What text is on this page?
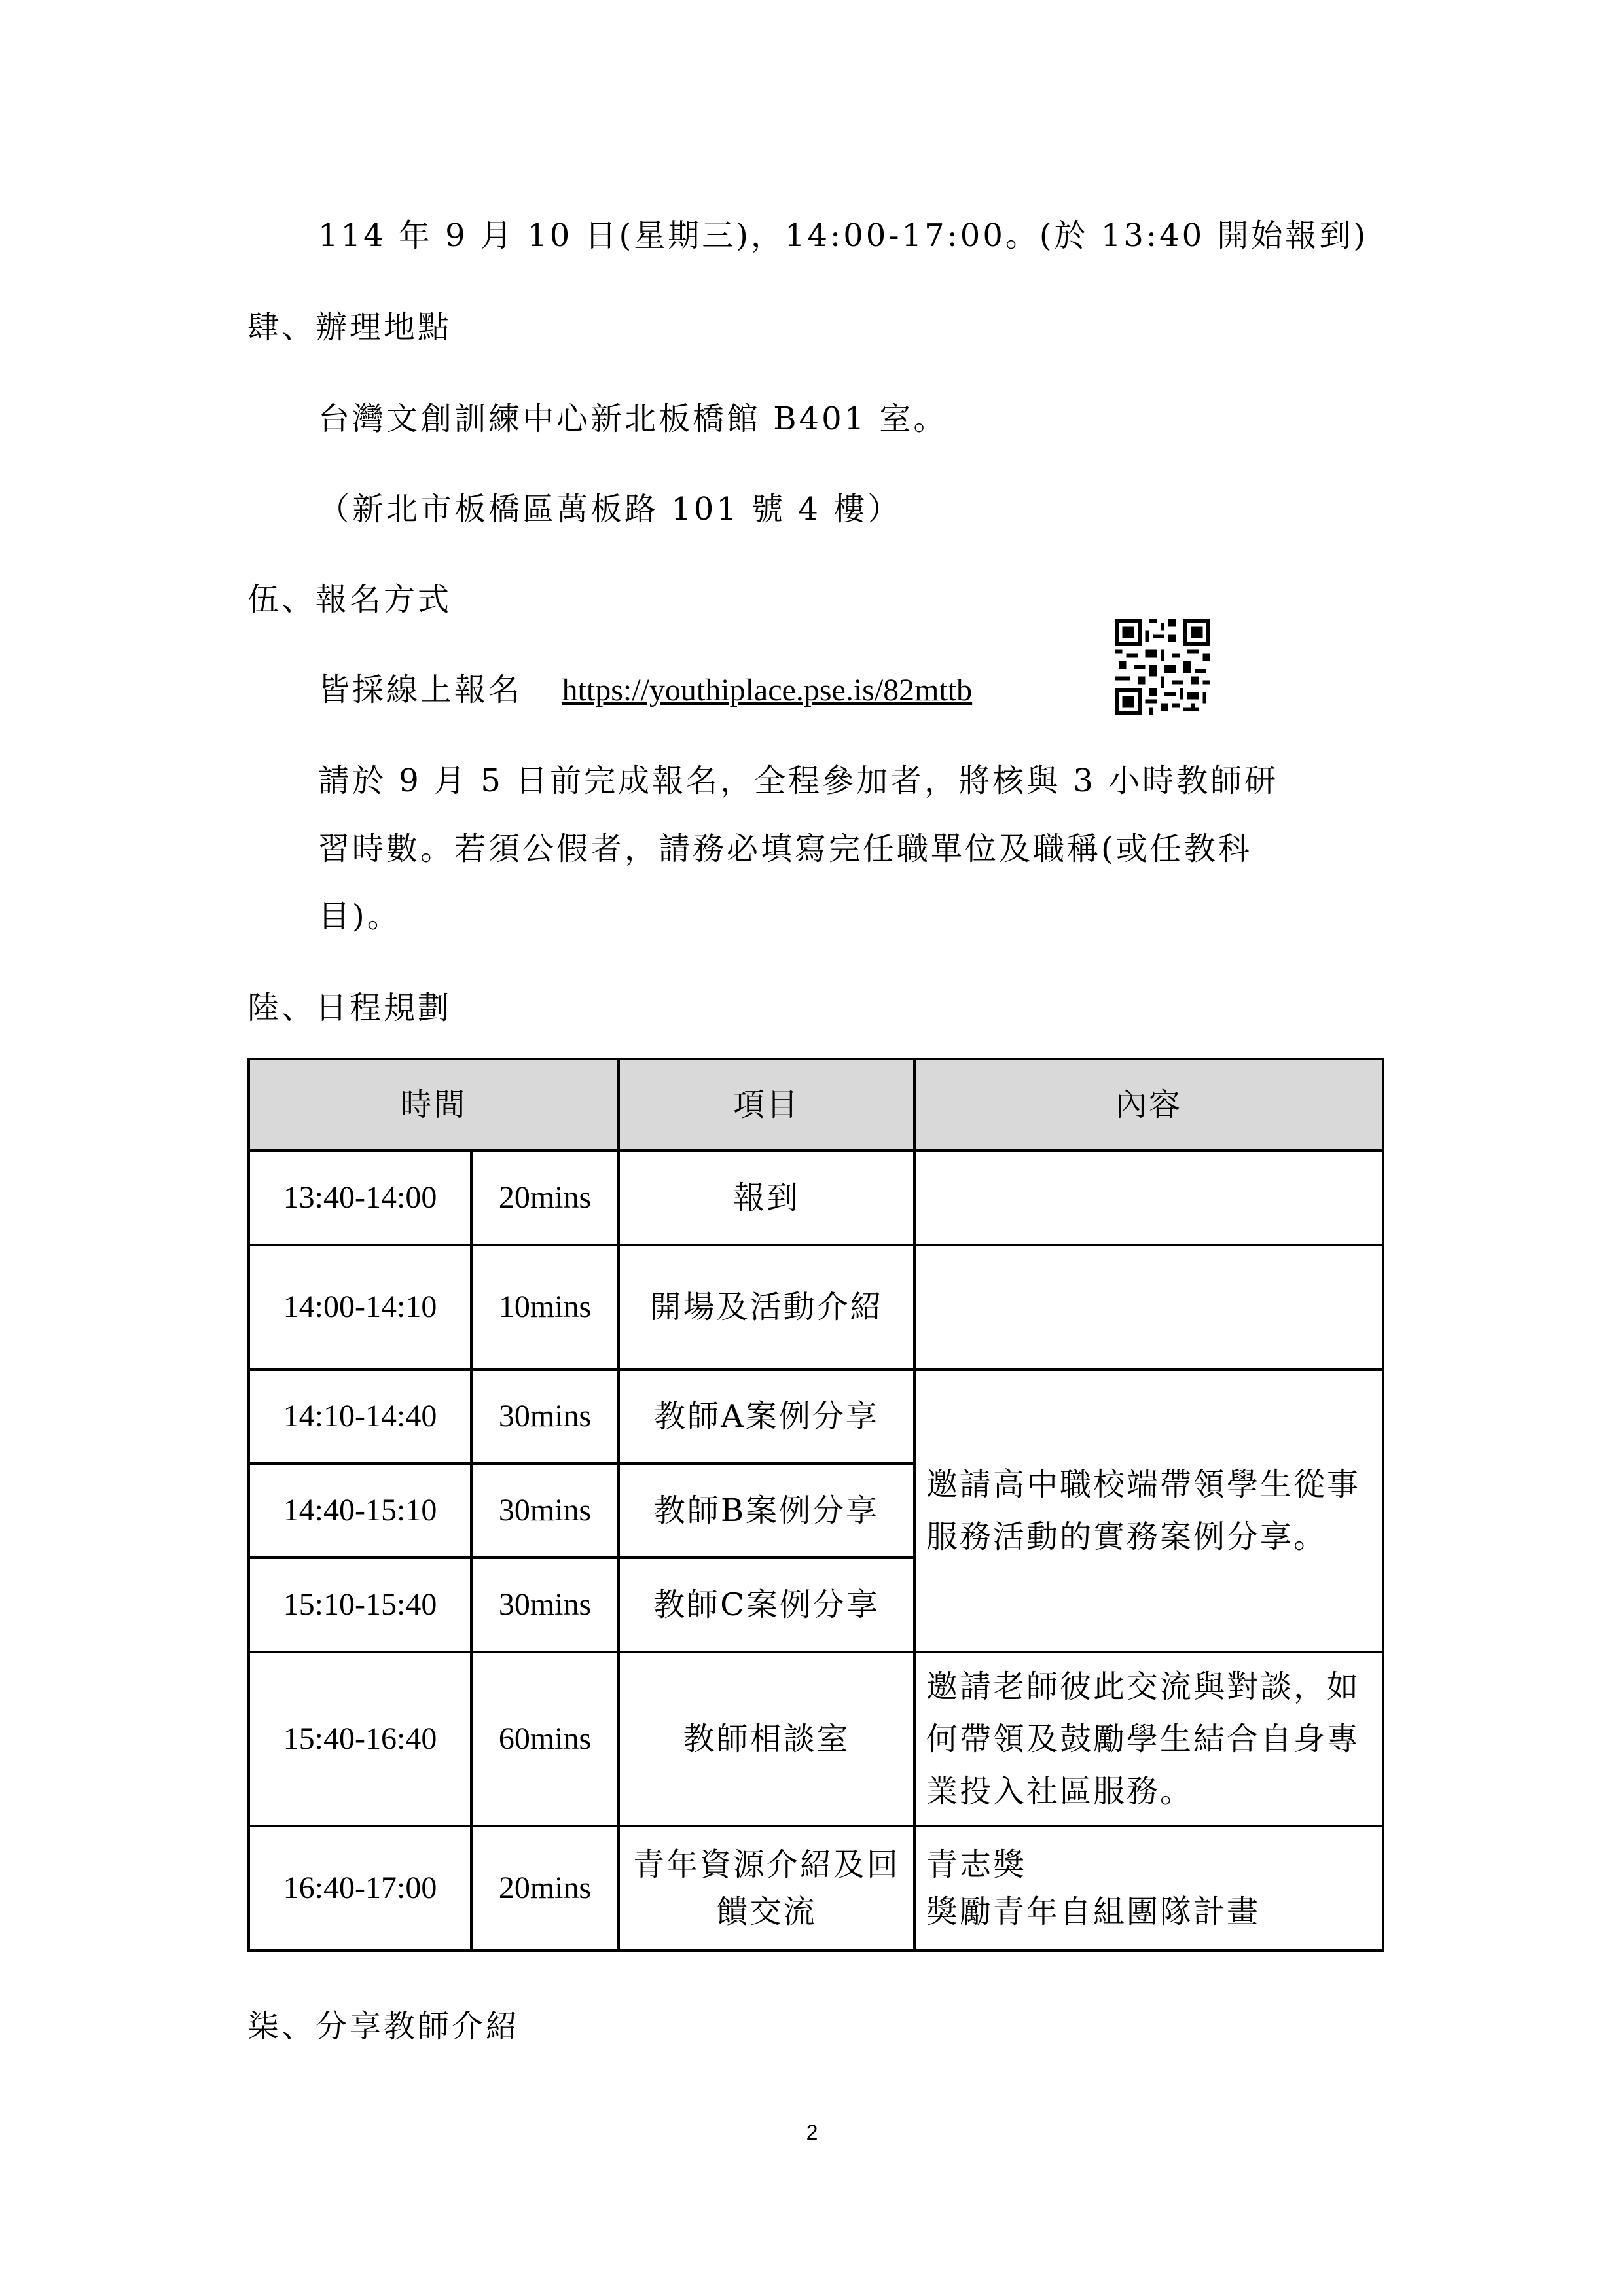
114 年 9 月 10 日(星期三)，14:00-17:00。(於 13:40 開始報到)
肆、辦理地點
台灣文創訓練中心新北板橋館 B401 室。
（新北市板橋區萬板路 101 號 4 樓）
伍、報名方式
皆採線上報名 https://youthiplace.pse.is/82mttb
請於 9 月 5 日前完成報名，全程參加者，將核與 3 小時教師研
習時數。若須公假者，請務必填寫完任職單位及職稱(或任教科
目)。
陸、日程規劃
時間		項目	內容
13:40-14:00	20mins	報到	
14:00-14:10	10mins	開場及活動介紹	
14:10-14:40	30mins	教師A案例分享	邀請高中職校端帶領學生從事服務活動的實務案例分享。
14:40-15:10	30mins	教師B案例分享	
15:10-15:40	30mins	教師C案例分享	
15:40-16:40	60mins	教師相談室	邀請老師彼此交流與對談，如何帶領及鼓勵學生結合自身專業投入社區服務。
16:40-17:00	20mins	青年資源介紹及回饋交流	青志獎
獎勵青年自組團隊計畫
柒、分享教師介紹
2
